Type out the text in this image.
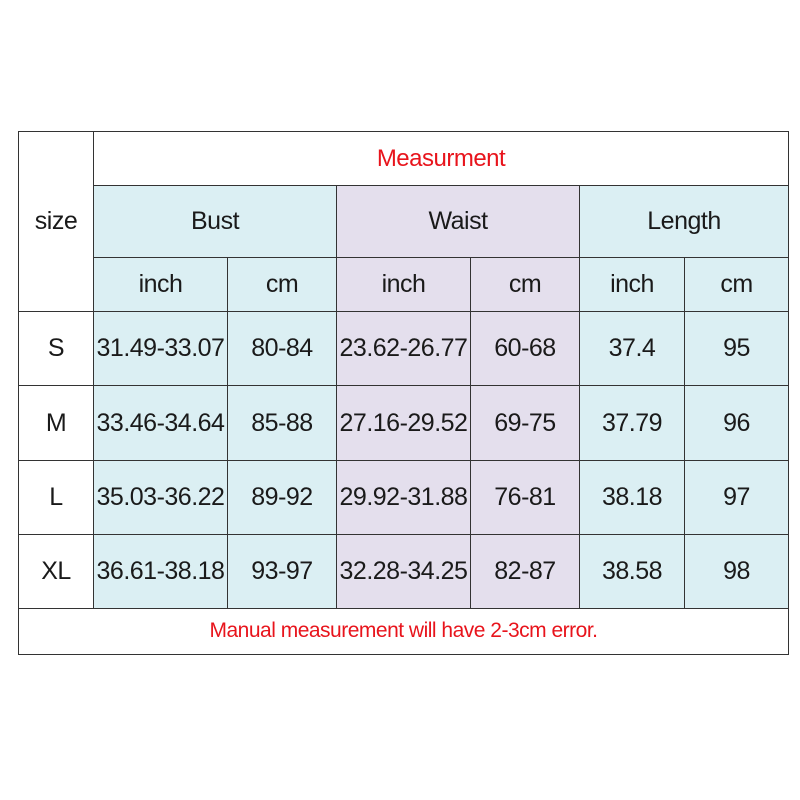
size	Measurment					
	Bust		Waist		Length	
	inch	cm	inch	cm	inch	cm
S	31.49-33.07	80-84	23.62-26.77	60-68	37.4	95
M	33.46-34.64	85-88	27.16-29.52	69-75	37.79	96
L	35.03-36.22	89-92	29.92-31.88	76-81	38.18	97
XL	36.61-38.18	93-97	32.28-34.25	82-87	38.58	98
Manual measurement will have 2-3cm error.						
